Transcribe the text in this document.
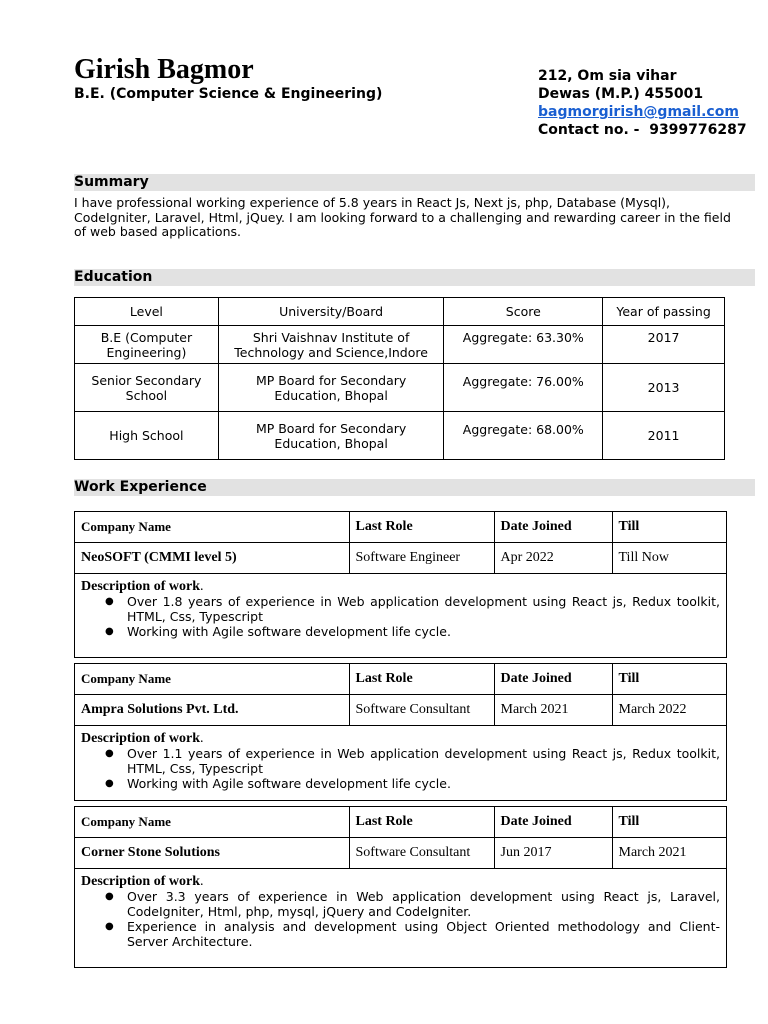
Girish Bagmor
B.E. (Computer Science & Engineering)
212, Om sia vihar
Dewas (M.P.) 455001
bagmorgirish@gmail.com
Contact no. - 9399776287
Summary
I have professional working experience of 5.8 years in React Js, Next js, php, Database (Mysql), CodeIgniter, Laravel, Html, jQuey. I am looking forward to a challenging and rewarding career in the field of web based applications.
Education
Level	University/Board	Score	Year of passing
B.E (Computer Engineering)	Shri Vaishnav Institute of Technology and Science,Indore	Aggregate: 63.30%	2017
Senior Secondary School	MP Board for Secondary Education, Bhopal	Aggregate: 76.00%	2013
High School	MP Board for Secondary Education, Bhopal	Aggregate: 68.00%	2011
Work Experience
Company Name	Last Role	Date Joined	Till
NeoSOFT (CMMI level 5)	Software Engineer	Apr 2022	Till Now
Description of work.
● Over 1.8 years of experience in Web application development using React js, Redux toolkit, HTML, Css, Typescript
● Working with Agile software development life cycle.
Company Name	Last Role	Date Joined	Till
Ampra Solutions Pvt. Ltd.	Software Consultant	March 2021	March 2022
Description of work.
● Over 1.1 years of experience in Web application development using React js, Redux toolkit, HTML, Css, Typescript
● Working with Agile software development life cycle.
Company Name	Last Role	Date Joined	Till
Corner Stone Solutions	Software Consultant	Jun 2017	March 2021
Description of work.
● Over 3.3 years of experience in Web application development using React js, Laravel, CodeIgniter, Html, php, mysql, jQuery and CodeIgniter.
● Experience in analysis and development using Object Oriented methodology and Client-Server Architecture.
